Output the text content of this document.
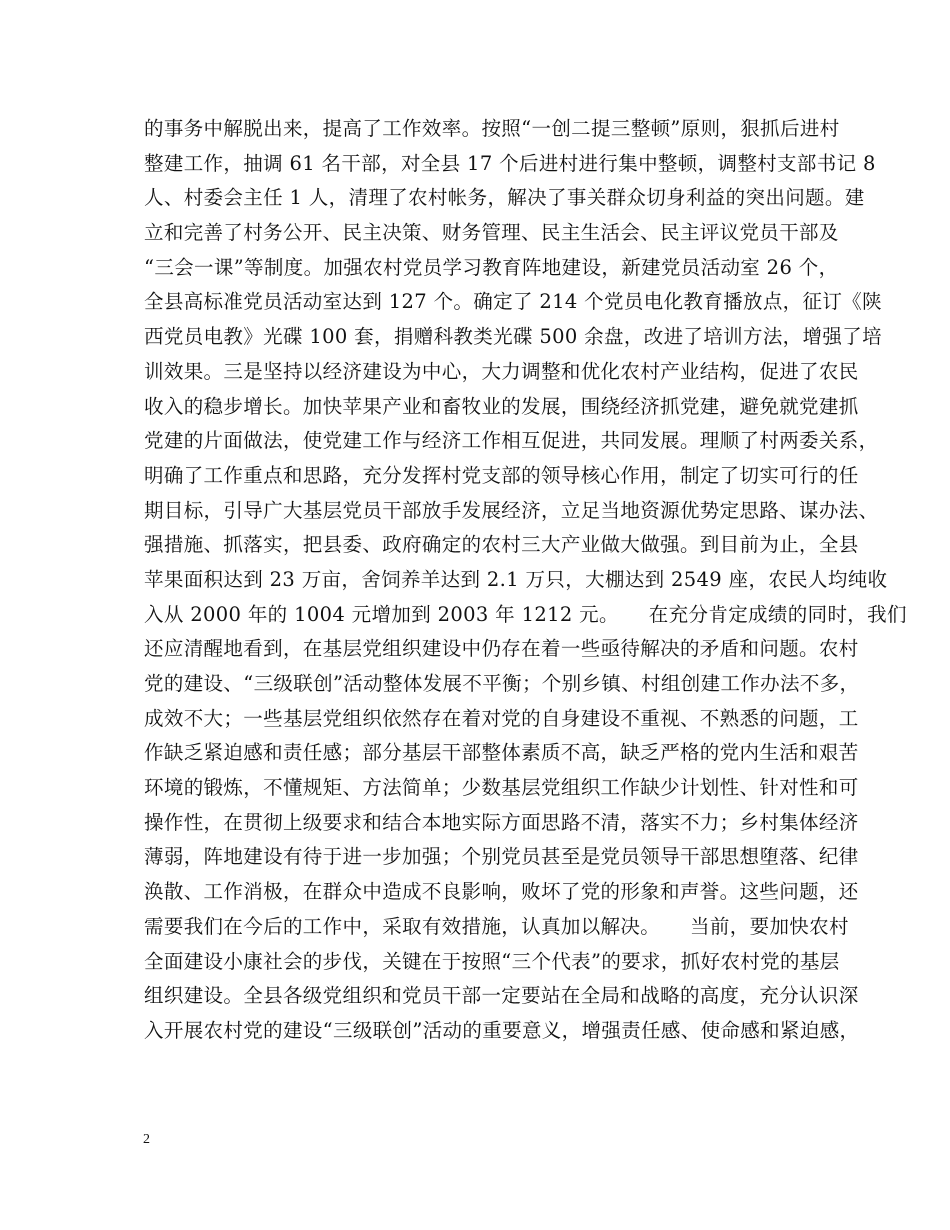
的事务中解脱出来，提高了工作效率。按照“一创二提三整顿”原则，狠抓后进村
整建工作，抽调 61 名干部，对全县 17 个后进村进行集中整顿，调整村支部书记 8
人、村委会主任 1 人，清理了农村帐务，解决了事关群众切身利益的突出问题。建
立和完善了村务公开、民主决策、财务管理、民主生活会、民主评议党员干部及
“三会一课”等制度。加强农村党员学习教育阵地建设，新建党员活动室 26 个，
全县高标准党员活动室达到 127 个。确定了 214 个党员电化教育播放点，征订《陕
西党员电教》光碟 100 套，捐赠科教类光碟 500 余盘，改进了培训方法，增强了培
训效果。三是坚持以经济建设为中心，大力调整和优化农村产业结构，促进了农民
收入的稳步增长。加快苹果产业和畜牧业的发展，围绕经济抓党建，避免就党建抓
党建的片面做法，使党建工作与经济工作相互促进，共同发展。理顺了村两委关系，
明确了工作重点和思路，充分发挥村党支部的领导核心作用，制定了切实可行的任
期目标，引导广大基层党员干部放手发展经济，立足当地资源优势定思路、谋办法、
强措施、抓落实，把县委、政府确定的农村三大产业做大做强。到目前为止，全县
苹果面积达到 23 万亩，舍饲养羊达到 2.1 万只，大棚达到 2549 座，农民人均纯收
入从 2000 年的 1004 元增加到 2003 年 1212 元。　　在充分肯定成绩的同时，我们
还应清醒地看到，在基层党组织建设中仍存在着一些亟待解决的矛盾和问题。农村
党的建设、“三级联创”活动整体发展不平衡；个别乡镇、村组创建工作办法不多，
成效不大；一些基层党组织依然存在着对党的自身建设不重视、不熟悉的问题，工
作缺乏紧迫感和责任感；部分基层干部整体素质不高，缺乏严格的党内生活和艰苦
环境的锻炼，不懂规矩、方法简单；少数基层党组织工作缺少计划性、针对性和可
操作性，在贯彻上级要求和结合本地实际方面思路不清，落实不力；乡村集体经济
薄弱，阵地建设有待于进一步加强；个别党员甚至是党员领导干部思想堕落、纪律
涣散、工作消极，在群众中造成不良影响，败坏了党的形象和声誉。这些问题，还
需要我们在今后的工作中，采取有效措施，认真加以解决。　　当前，要加快农村
全面建设小康社会的步伐，关键在于按照“三个代表”的要求，抓好农村党的基层
组织建设。全县各级党组织和党员干部一定要站在全局和战略的高度，充分认识深
入开展农村党的建设“三级联创”活动的重要意义，增强责任感、使命感和紧迫感，
2
